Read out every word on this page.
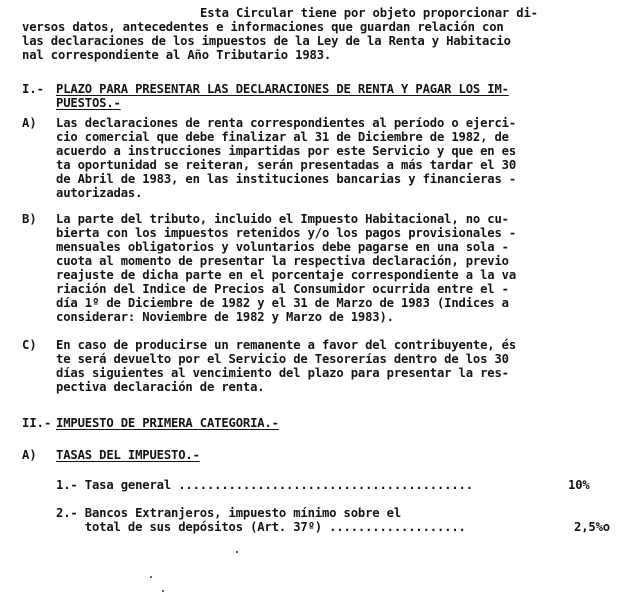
Esta Circular tiene por objeto proporcionar di-
versos datos, antecedentes e informaciones que guardan relación con
las declaraciones de los impuestos de la Ley de la Renta y Habitacio
nal correspondiente al Año Tributario 1983.
I.- PLAZO PARA PRESENTAR LAS DECLARACIONES DE RENTA Y PAGAR LOS IM-
PUESTOS.-
A) Las declaraciones de renta correspondientes al período o ejerci-
cio comercial que debe finalizar al 31 de Diciembre de 1982, de
acuerdo a instrucciones impartidas por este Servicio y que en es
ta oportunidad se reiteran, serán presentadas a más tardar el 30
de Abril de 1983, en las instituciones bancarias y financieras -
autorizadas.
B) La parte del tributo, incluido el Impuesto Habitacional, no cu-
bierta con los impuestos retenidos y/o los pagos provisionales -
mensuales obligatorios y voluntarios debe pagarse en una sola -
cuota al momento de presentar la respectiva declaración, previo
reajuste de dicha parte en el porcentaje correspondiente a la va
riación del Indice de Precios al Consumidor ocurrida entre el -
día 1º de Diciembre de 1982 y el 31 de Marzo de 1983 (Indices a
considerar: Noviembre de 1982 y Marzo de 1983).
C) En caso de producirse un remanente a favor del contribuyente, és
te será devuelto por el Servicio de Tesorerías dentro de los 30
días siguientes al vencimiento del plazo para presentar la res-
pectiva declaración de renta.
II.- IMPUESTO DE PRIMERA CATEGORIA.-
A) TASAS DEL IMPUESTO.-
1.- Tasa general .........................................	10%
2.- Bancos Extranjeros, impuesto mínimo sobre el
total de sus depósitos (Art. 37º) ...................	2,5%o
